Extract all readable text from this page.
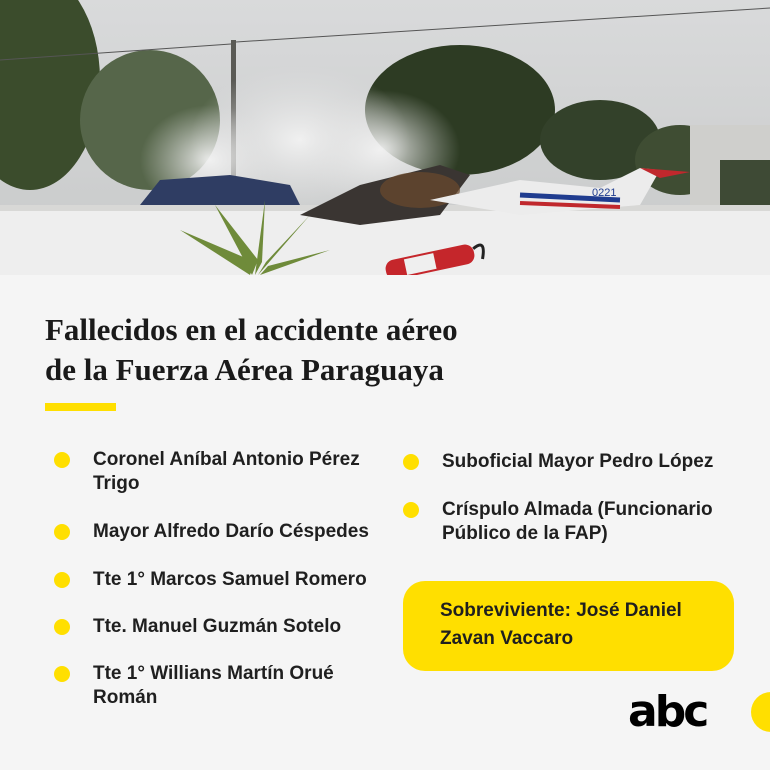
0221
Fallecidos en el accidente aéreo
de la Fuerza Aérea Paraguaya
Coronel Aníbal Antonio Pérez Trigo
Mayor Alfredo Darío Céspedes
Tte 1° Marcos Samuel Romero
Tte. Manuel Guzmán Sotelo
Tte 1° Willians Martín Orué Román
Suboficial Mayor Pedro López
Críspulo Almada (Funcionario Público de la FAP)
Sobreviviente: José Daniel Zavan Vaccaro
abc
